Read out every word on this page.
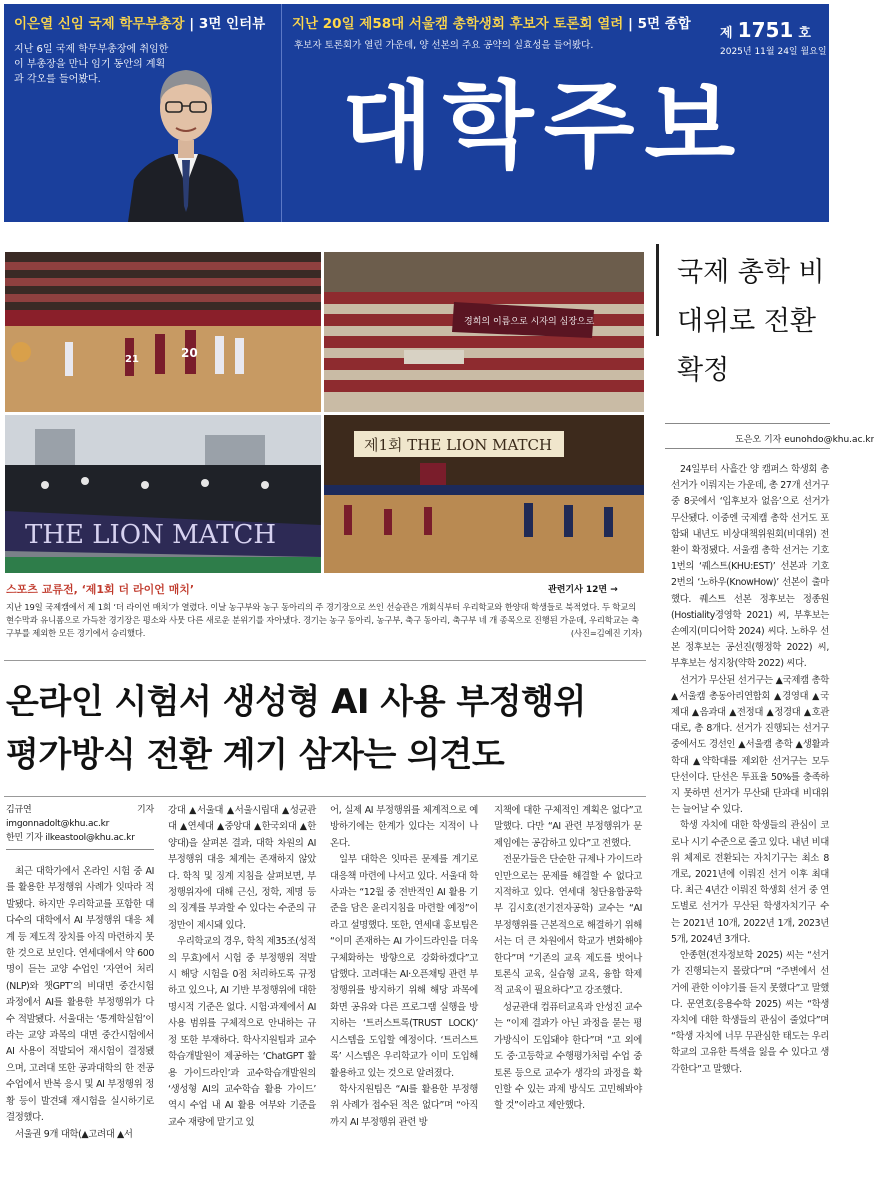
이은열 신임 국제 학무부총장 | 3면 인터뷰
지난 6일 국제 학무부총장에 취임한 이 부총장을 만나 임기 동안의 계획과 각오를 들어봤다.
지난 20일 제58대 서울캠 총학생회 후보자 토론회 열려 | 5면 종합
후보자 토론회가 열린 가운데, 양 선본의 주요 공약의 실효성을 들어봤다.
제 1751 호
2025년 11월 24일 월요일
대학주보
20
21
경희의 이름으로 시자의 심장으로
THE LION MATCH
제1회 THE LION MATCH
스포츠 교류전, ‘제1회 더 라이언 매치’	관련기사 12면 →
지난 19일 국제캠에서 제 1회 ‘더 라이언 매치’가 열렸다. 이날 농구부와 농구 동아리의 주 경기장으로 쓰인 선승관은 개회식부터 우리학교와 한양대 학생들로 북적였다. 두 학교의 현수막과 유니폼으로 가득찬 경기장은 평소와 사뭇 다른 새로운 분위기를 자아냈다. 경기는 농구 동아리, 농구부, 축구 동아리, 축구부 네 개 종목으로 진행된 가운데, 우리학교는 축구부를 제외한 모든 경기에서 승리했다.	(사진=김예진 기자)
온라인 시험서 생성형 AI 사용 부정행위
평가방식 전환 계기 삼자는 의견도
김규연 기자 imgonnadolt@khu.ac.kr
한민 기자 ilkeastool@khu.ac.kr

최근 대학가에서 온라인 시험 중 AI를 활용한 부정행위 사례가 잇따라 적발됐다. 하지만 우리학교를 포함한 대다수의 대학에서 AI 부정행위 대응 체계 등 제도적 장치를 아직 마련하지 못한 것으로 보인다. 연세대에서 약 600명이 듣는 교양 수업인 ‘자연어 처리(NLP)와 챗GPT’의 비대면 중간시험 과정에서 AI를 활용한 부정행위가 다수 적발됐다. 서울대는 ‘통계학실험’이라는 교양 과목의 대면 중간시험에서 AI 사용이 적발되어 재시험이 결정됐으며, 고려대 또한 공과대학의 한 전공수업에서 반복 응시 및 AI 부정행위 정황 등이 발견돼 재시험을 실시하기로 결정했다.

서울권 9개 대학(▲고려대 ▲서

강대 ▲서울대 ▲서울시립대 ▲성균관대 ▲연세대 ▲중앙대 ▲한국외대 ▲한양대)을 살펴본 결과, 대학 차원의 AI 부정행위 대응 체계는 존재하지 않았다. 학칙 및 징계 지침을 살펴보면, 부정행위자에 대해 근신, 정학, 제명 등의 징계를 부과할 수 있다는 수준의 규정만이 제시돼 있다.

우리학교의 경우, 학칙 제35조(성적의 무효)에서 시험 중 부정행위 적발 시 해당 시험을 0점 처리하도록 규정하고 있으나, AI 기반 부정행위에 대한 명시적 기준은 없다. 시험·과제에서 AI 사용 범위를 구체적으로 안내하는 규정 또한 부재하다. 학사지원팀과 교수학습개발원이 제공하는 ‘ChatGPT 활용 가이드라인’과 교수학습개발원의 ‘생성형 AI의 교수학습 활용 가이드’ 역시 수업 내 AI 활용 여부와 기준을 교수 재량에 맡기고 있

어, 실제 AI 부정행위를 체계적으로 예방하기에는 한계가 있다는 지적이 나온다.

일부 대학은 잇따른 문제를 계기로 대응책 마련에 나서고 있다. 서울대 학사과는 “12월 중 전반적인 AI 활용 기준을 담은 윤리지침을 마련할 예정”이라고 설명했다. 또한, 연세대 홍보팀은 “이미 존재하는 AI 가이드라인을 더욱 구체화하는 방향으로 강화하겠다”고 답했다. 고려대는 AI·오픈채팅 관련 부정행위를 방지하기 위해 해당 과목에 화면 공유와 다른 프로그램 실행을 방지하는 ‘트러스트록(TRUST LOCK)’ 시스템을 도입할 예정이다. ‘트러스트록’ 시스템은 우리학교가 이미 도입해 활용하고 있는 것으로 알려졌다.

학사지원팀은 “AI를 활용한 부정행위 사례가 접수된 적은 없다”며 “아직까지 AI 부정행위 관련 방

지책에 대한 구체적인 계획은 없다”고 말했다. 다만 “AI 관련 부정행위가 문제임에는 공감하고 있다”고 전했다.

전문가들은 단순한 규제나 가이드라인만으로는 문제를 해결할 수 없다고 지적하고 있다. 연세대 청단융합공학부 김시호(전기전자공학) 교수는 “AI 부정행위를 근본적으로 해결하기 위해서는 더 큰 차원에서 학교가 변화해야 한다”며 “기존의 교육 제도를 벗어나 토론식 교육, 실습형 교육, 융합 학제적 교육이 필요하다”고 강조했다.

성균관대 컴퓨터교육과 안성진 교수는 “이제 결과가 아닌 과정을 묻는 평가방식이 도입돼야 한다”며 “고 외에도 중·고등학교 수행평가처럼 수업 중 토론 등으로 교수가 생각의 과정을 확인할 수 있는 과제 방식도 고민해봐야 할 것”이라고 제안했다.

국제 총학 비대위로 전환 확정
도은오 기자 eunohdo@khu.ac.kr

24일부터 사흘간 양 캠퍼스 학생회 총선거가 이뤄지는 가운데, 총 27개 선거구 중 8곳에서 ‘입후보자 없음’으로 선거가 무산됐다. 이중엔 국제캠 총학 선거도 포함돼 내년도 비상대책위원회(비대위) 전환이 확정됐다. 서울캠 총학 선거는 기호 1번의 ‘퀘스트(KHU:EST)’ 선본과 기호 2번의 ‘노하우(KnowHow)’ 선본이 출마했다. 퀘스트 선본 정후보는 정종원(Hostiality경영학 2021) 씨, 부후보는 손예지(미디어학 2024) 씨다. 노하우 선본 정후보는 공선진(행정학 2022) 씨, 부후보는 성지창(약학 2022) 씨다.

선거가 무산된 선거구는 ▲국제캠 총학 ▲서울캠 총동아리연합회 ▲경영대 ▲국제대 ▲음과대 ▲전정대 ▲정경대 ▲호관대로, 총 8개다. 선거가 진행되는 선거구 중에서도 경선인 ▲서울캠 총학 ▲생활과학대 ▲약학대를 제외한 선거구는 모두 단선이다. 단선은 투표율 50%를 충족하지 못하면 선거가 무산돼 단과대 비대위는 늘어날 수 있다.

학생 자치에 대한 학생들의 관심이 코로나 시기 수준으로 줄고 있다. 내년 비대위 체제로 전환되는 자치기구는 최소 8개로, 2021년에 이뤄진 선거 이후 최대다. 최근 4년간 이뤄진 학생회 선거 중 연도별로 선거가 무산된 학생자치기구 수는 2021년 10개, 2022년 1개, 2023년 5개, 2024년 3개다.

안종현(전자정보학 2025) 씨는 “선거가 진행되는지 몰랐다”며 “주변에서 선거에 관한 이야기를 듣지 못했다”고 말했다. 문연호(응용수학 2025) 씨는 “학생 자치에 대한 학생들의 관심이 줄었다”며 “학생 자치에 너무 무관심한 태도는 우리학교의 고유한 특색을 잃을 수 있다고 생각한다”고 말했다.
